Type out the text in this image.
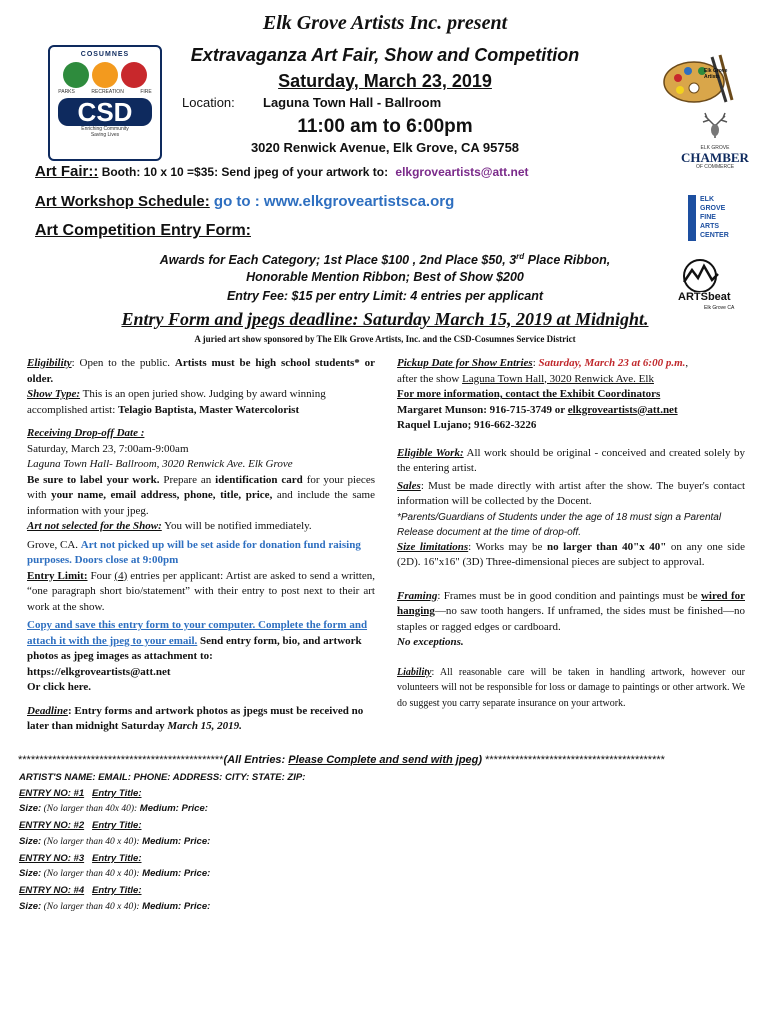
Elk Grove Artists Inc. present
Extravaganza Art Fair, Show and Competition
Saturday, March 23, 2019
Location: Laguna Town Hall - Ballroom
11:00 am to 6:00pm
3020 Renwick Avenue, Elk Grove, CA 95758
COSUMNES
PARKS	RECREATION	FIRE
CSD
Enriching Community
Saving Lives
Elk Grove Artists
ELK GROVE
CHAMBER
OF COMMERCE
ELK
GROVE
FINE
ARTS
CENTER
ARTSbeat
Elk Grove CA
Art Fair:: Booth: 10 x 10 =$35: Send jpeg of your artwork to: elkgroveartists@att.net
Art Workshop Schedule: go to : www.elkgroveartistsca.org
Art Competition Entry Form:
Awards for Each Category; 1st Place $100 , 2nd Place $50, 3rd Place Ribbon,
Honorable Mention Ribbon; Best of Show $200
Entry Fee: $15 per entry Limit: 4 entries per applicant
Entry Form and jpegs deadline: Saturday March 15, 2019 at Midnight.
A juried art show sponsored by The Elk Grove Artists, Inc. and the CSD-Cosumnes Service District

Eligibility: Open to the public. Artists must be high school students* or older.

Show Type: This is an open juried show. Judging by award winning accomplished artist: Telagio Baptista, Master Watercolorist

Receiving Drop-off Date :

Saturday, March 23, 7:00am-9:00am

Laguna Town Hall- Ballroom, 3020 Renwick Ave. Elk Grove

Be sure to label your work. Prepare an identification card for your pieces with your name, email address, phone, title, price, and include the same information with your jpeg.

Art not selected for the Show: You will be notified immediately.

Grove, CA. Art not picked up will be set aside for donation fund raising purposes. Doors close at 9:00pm

Entry Limit: Four (4) entries per applicant: Artist are asked to send a written, “one paragraph short bio/statement” with their entry to post next to their art work at the show.

Copy and save this entry form to your computer. Complete the form and attach it with the jpeg to your email. Send entry form, bio, and artwork photos as jpeg images as attachment to:

https://elkgroveartists@att.net

Or click here.

Deadline: Entry forms and artwork photos as jpegs must be received no later than midnight Saturday March 15, 2019.

Pickup Date for Show Entries: Saturday, March 23 at 6:00 p.m.,

after the show Laguna Town Hall, 3020 Renwick Ave. Elk

For more information, contact the Exhibit Coordinators

Margaret Munson: 916-715-3749 or elkgroveartists@att.net

Raquel Lujano; 916-662-3226

Eligible Work: All work should be original - conceived and created solely by the entering artist.

Sales: Must be made directly with artist after the show. The buyer's contact information will be collected by the Docent.

*Parents/Guardians of Students under the age of 18 must sign a Parental Release document at the time of drop-off.

Size limitations: Works may be no larger than 40"x 40" on any one side (2D). 16"x16" (3D) Three-dimensional pieces are subject to approval.

Framing: Frames must be in good condition and paintings must be wired for hanging—no saw tooth hangers. If unframed, the sides must be finished—no staples or ragged edges or cardboard.

No exceptions.

Liability: All reasonable care will be taken in handling artwork, however our volunteers will not be responsible for loss or damage to paintings or other artwork. We do suggest you carry separate insurance on your artwork.

************************************************(All Entries: Please Complete and send with jpeg) ******************************************
ARTIST'S NAME: EMAIL: PHONE: ADDRESS: CITY: STATE: ZIP:
ENTRY NO: #1 Entry Title:
Size: (No larger than 40x 40): Medium: Price:
ENTRY NO: #2 Entry Title:
Size: (No larger than 40 x 40): Medium: Price:
ENTRY NO: #3 Entry Title:
Size: (No larger than 40 x 40): Medium: Price:
ENTRY NO: #4 Entry Title:
Size: (No larger than 40 x 40): Medium: Price:
